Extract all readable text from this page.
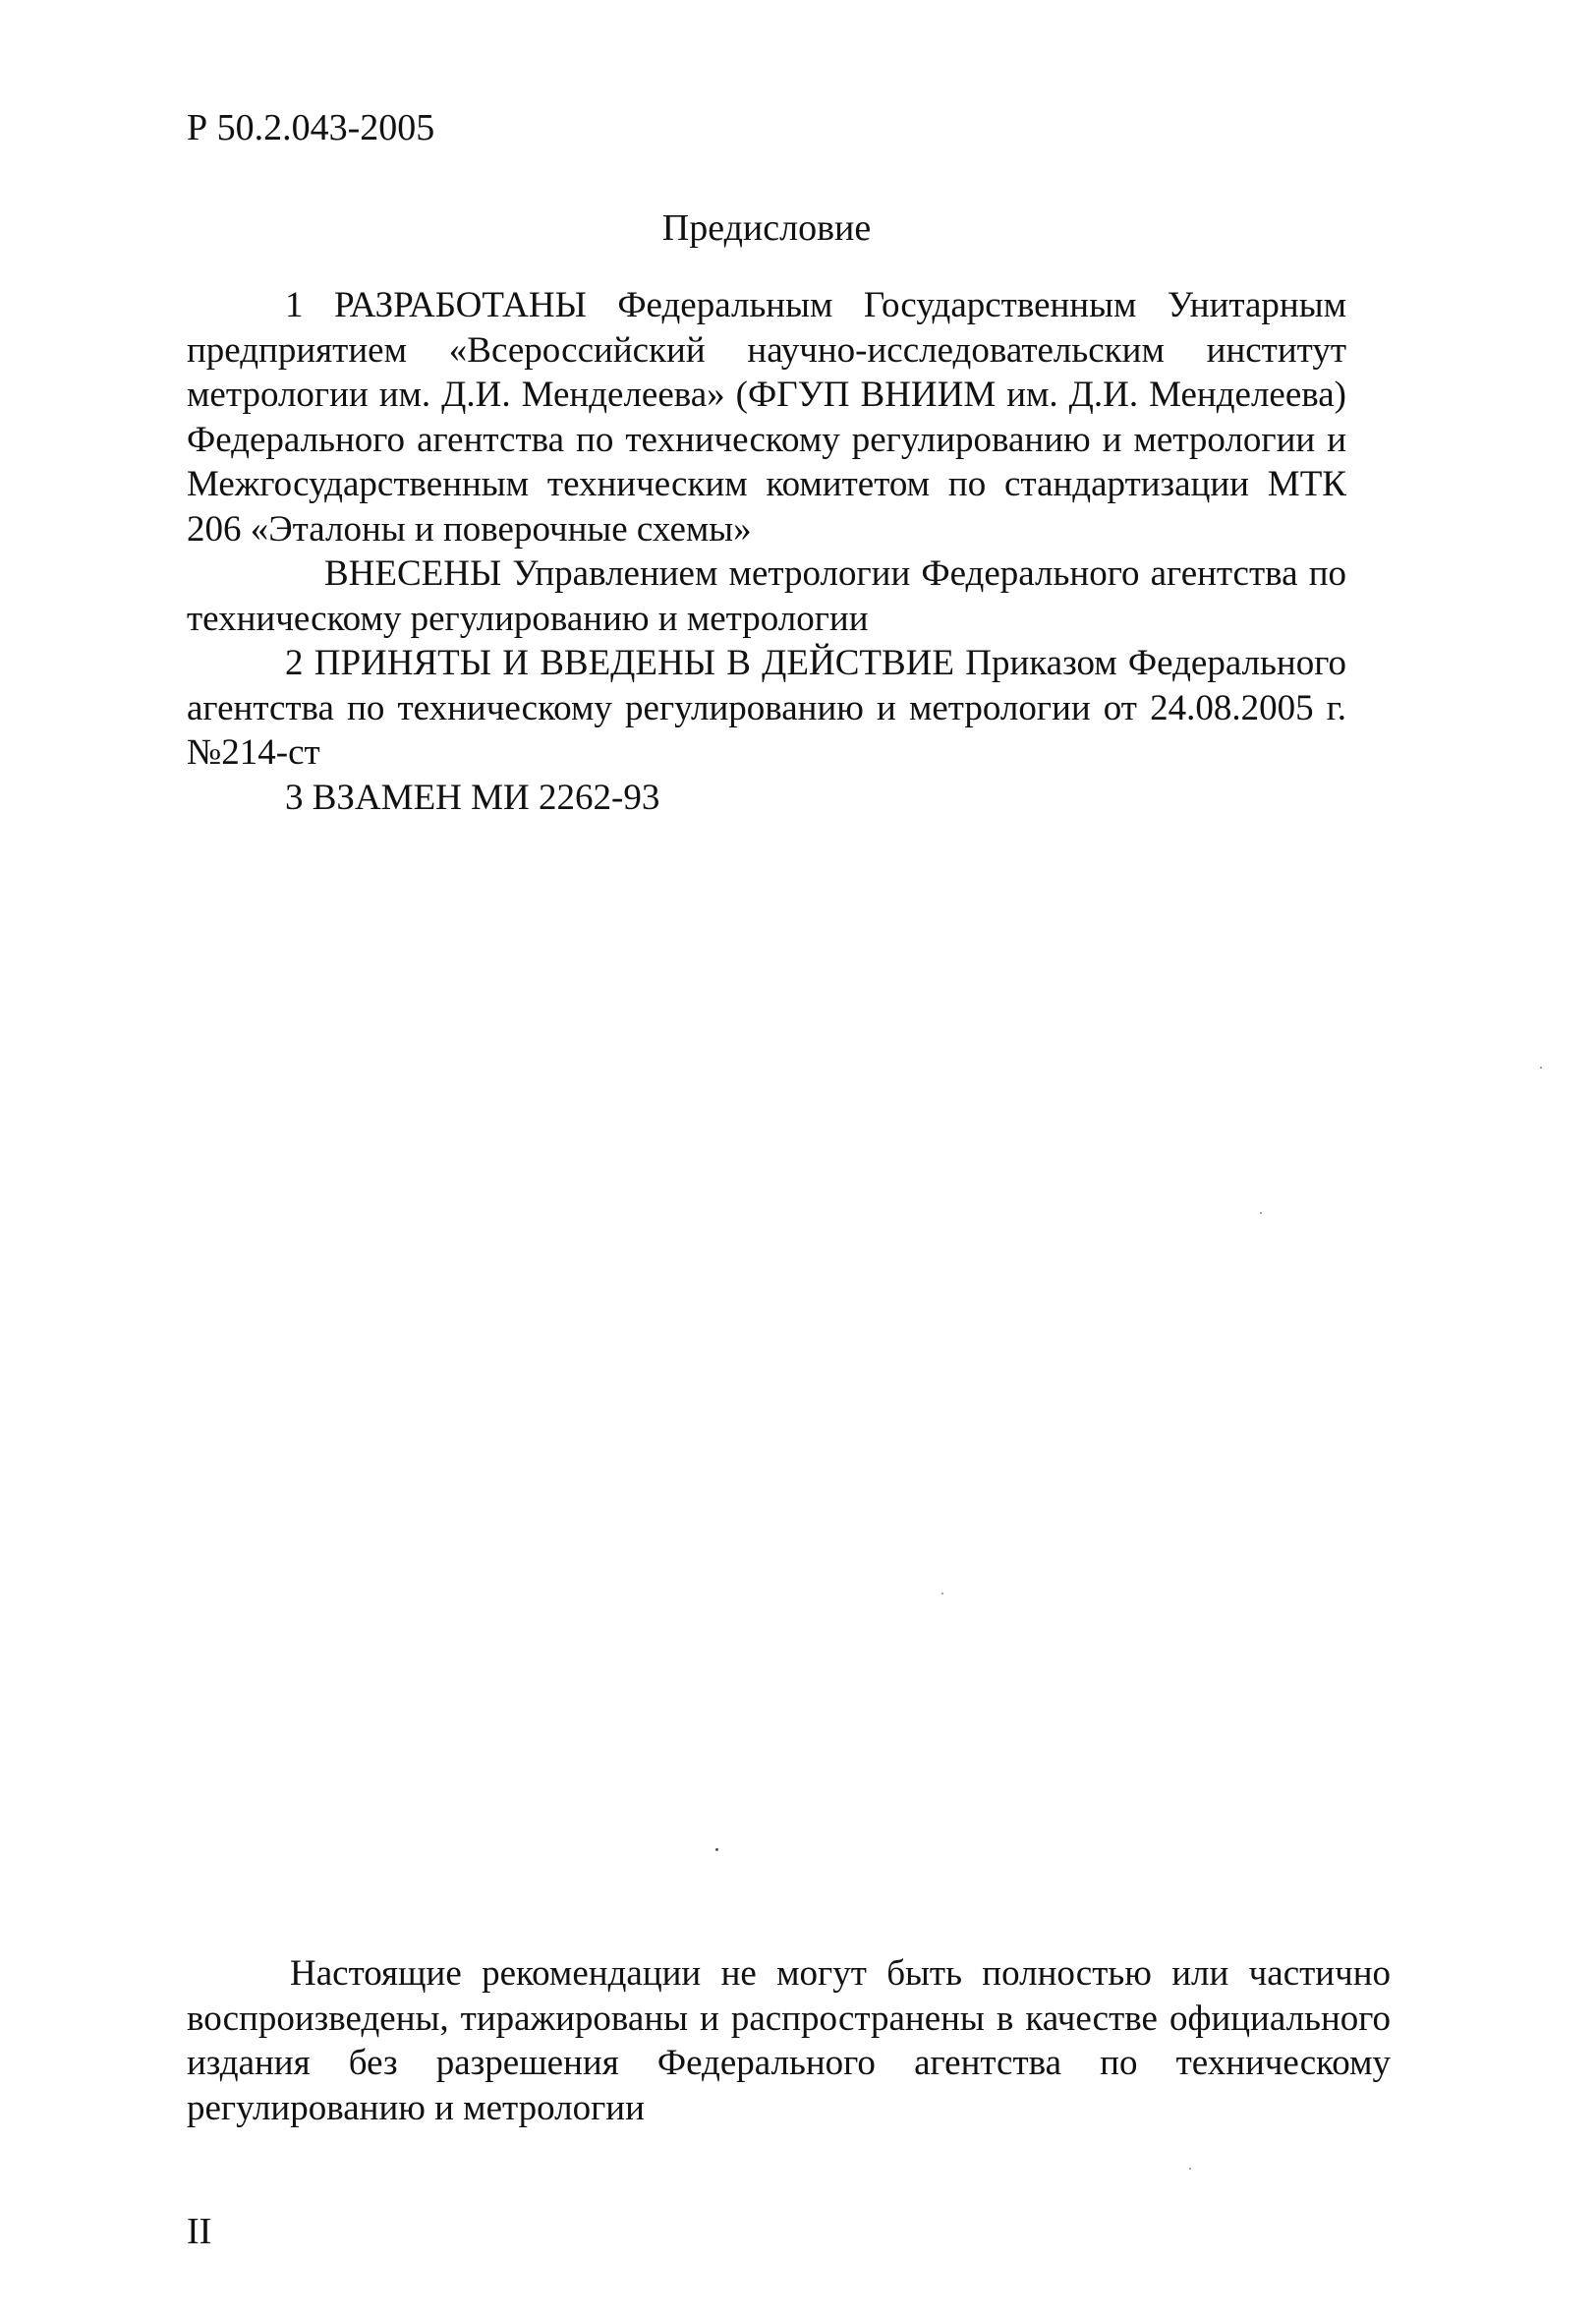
Р 50.2.043-2005
Предисловие

1 РАЗРАБОТАНЫ Федеральным Государственным Унитарным предприятием «Всероссийский научно-исследовательским институт метрологии им. Д.И. Менделеева» (ФГУП ВНИИМ им. Д.И. Менделеева) Федерального агентства по техническому регулированию и метрологии и Межгосударственным техническим комитетом по стандартизации МТК 206 «Эталоны и поверочные схемы»

ВНЕСЕНЫ Управлением метрологии Федерального агентства по техническому регулированию и метрологии

2 ПРИНЯТЫ И ВВЕДЕНЫ В ДЕЙСТВИЕ Приказом Федерального агентства по техническому регулированию и метрологии от 24.08.2005 г. №214-ст

3 ВЗАМЕН МИ 2262-93

Настоящие рекомендации не могут быть полностью или частично воспроизведены, тиражированы и распространены в качестве официального издания без разрешения Федерального агентства по техническому регулированию и метрологии

II
